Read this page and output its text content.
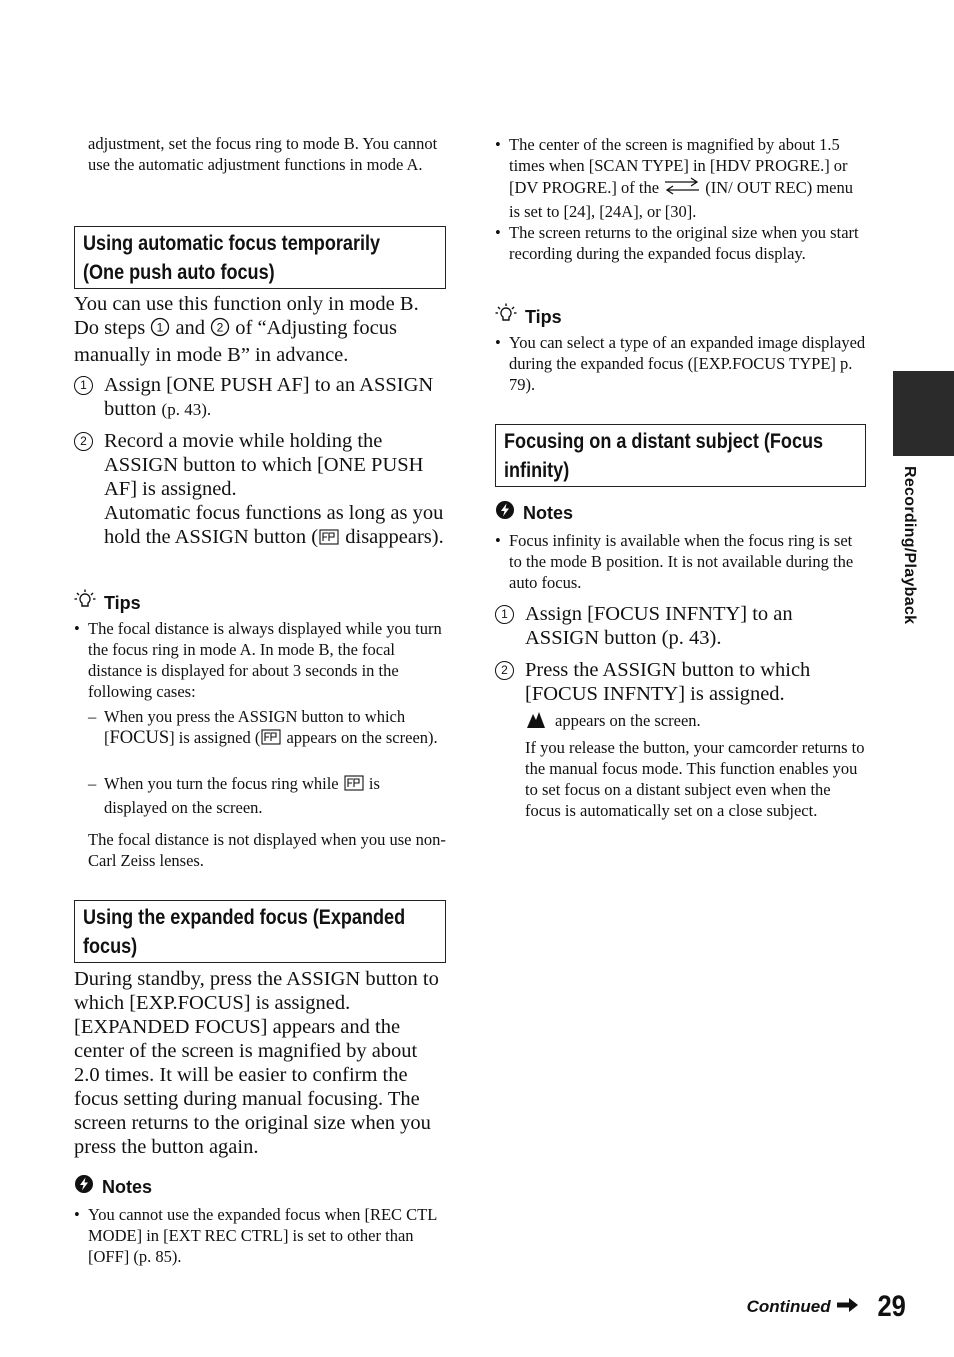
adjustment, set the focus ring to mode B. You cannot use the automatic adjustment functions in mode A.
Using automatic focus temporarily
(One push auto focus)
You can use this function only in mode B. Do steps 1 and 2 of “Adjusting focus manually in mode B” in advance.
1 Assign [ONE PUSH AF] to an ASSIGN button (p. 43).
2 Record a movie while holding the ASSIGN button to which [ONE PUSH AF] is assigned.
Automatic focus functions as long as you hold the ASSIGN button ( disappears).
Tips
• The focal distance is always displayed while you turn the focus ring in mode A. In mode B, the focal distance is displayed for about 3 seconds in the following cases:
– When you press the ASSIGN button to which [FOCUS] is assigned ( appears on the screen).
– When you turn the focus ring while is displayed on the screen.
The focal distance is not displayed when you use non-Carl Zeiss lenses.
Using the expanded focus (Expanded
focus)
During standby, press the ASSIGN button to which [EXP.FOCUS] is assigned. [EXPANDED FOCUS] appears and the center of the screen is magnified by about 2.0 times. It will be easier to confirm the focus setting during manual focusing. The screen returns to the original size when you press the button again.
Notes
• You cannot use the expanded focus when [REC CTL MODE] in [EXT REC CTRL] is set to other than [OFF] (p. 85).
• The center of the screen is magnified by about 1.5 times when [SCAN TYPE] in [HDV PROGRE.] or [DV PROGRE.] of the	(IN/ OUT REC) menu is set to [24], [24A], or [30].
• The screen returns to the original size when you start recording during the expanded focus display.
Tips
• You can select a type of an expanded image displayed during the expanded focus ([EXP.FOCUS TYPE] p. 79).
Focusing on a distant subject (Focus
infinity)
Notes
• Focus infinity is available when the focus ring is set to the mode B position. It is not available during the auto focus.
1 Assign [FOCUS INFNTY] to an ASSIGN button (p. 43).
2 Press the ASSIGN button to which [FOCUS INFNTY] is assigned.
appears on the screen.
If you release the button, your camcorder returns to the manual focus mode. This function enables you to set focus on a distant subject even when the focus is automatically set on a close subject.
Recording/Playback
Continued 29
